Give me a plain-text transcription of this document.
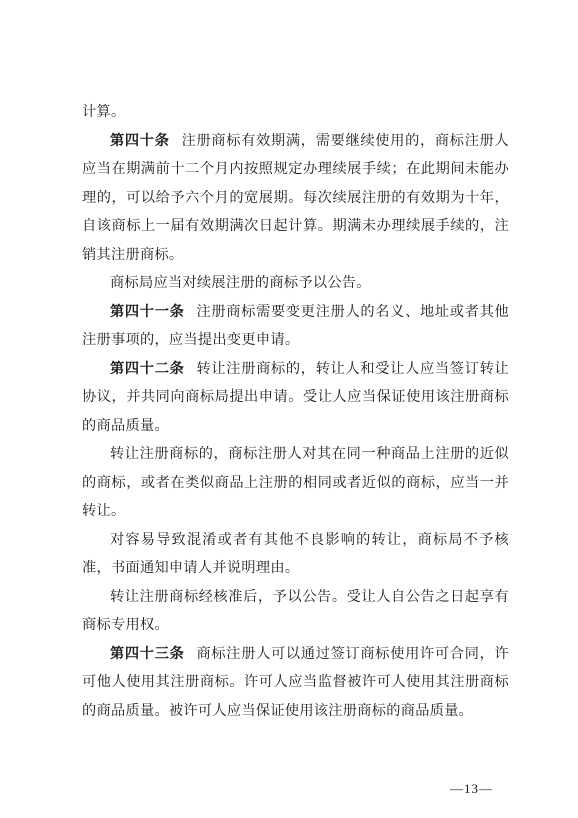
计算。

第四十条 注册商标有效期满，需要继续使用的，商标注册人应当在期满前十二个月内按照规定办理续展手续；在此期间未能办理的，可以给予六个月的宽展期。每次续展注册的有效期为十年，自该商标上一届有效期满次日起计算。期满未办理续展手续的，注销其注册商标。

商标局应当对续展注册的商标予以公告。

第四十一条 注册商标需要变更注册人的名义、地址或者其他注册事项的，应当提出变更申请。

第四十二条 转让注册商标的，转让人和受让人应当签订转让协议，并共同向商标局提出申请。受让人应当保证使用该注册商标的商品质量。

转让注册商标的，商标注册人对其在同一种商品上注册的近似的商标，或者在类似商品上注册的相同或者近似的商标，应当一并转让。

对容易导致混淆或者有其他不良影响的转让，商标局不予核准，书面通知申请人并说明理由。

转让注册商标经核准后，予以公告。受让人自公告之日起享有商标专用权。

第四十三条 商标注册人可以通过签订商标使用许可合同，许可他人使用其注册商标。许可人应当监督被许可人使用其注册商标的商品质量。被许可人应当保证使用该注册商标的商品质量。

—13—
